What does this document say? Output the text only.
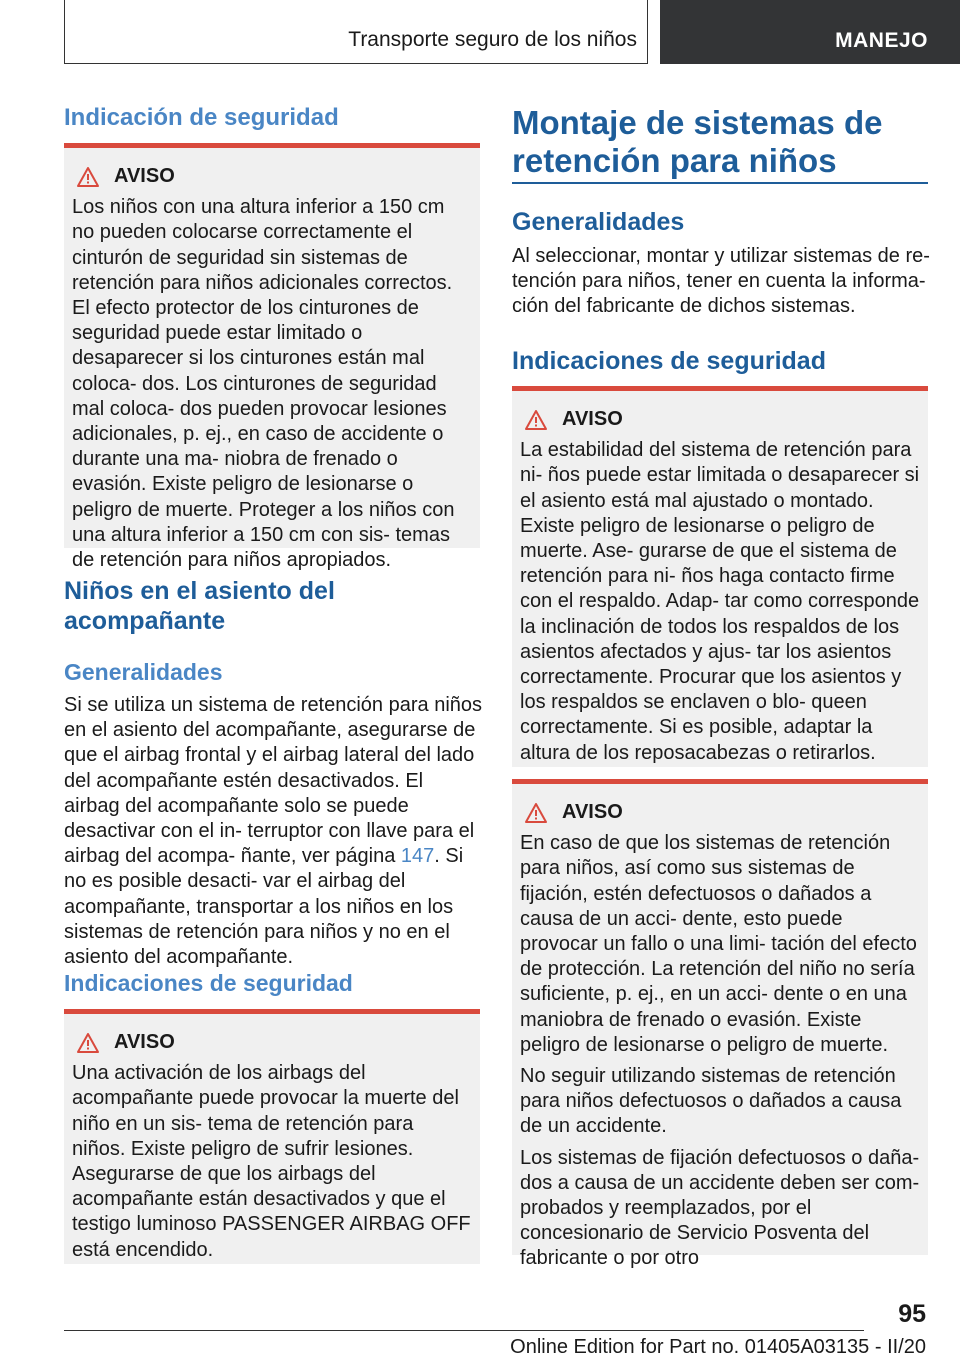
Transporte seguro de los niños	MANEJO
Indicación de seguridad
AVISO

Los niños con una altura inferior a 150 cm no pueden colocarse correctamente el cinturón de seguridad sin sistemas de retención para niños adicionales correctos. El efecto protector de los cinturones de seguridad puede estar limitado o desaparecer si los cinturones están mal coloca‐ dos. Los cinturones de seguridad mal coloca‐ dos pueden provocar lesiones adicionales, p. ej., en caso de accidente o durante una ma‐ niobra de frenado o evasión. Existe peligro de lesionarse o peligro de muerte. Proteger a los niños con una altura inferior a 150 cm con sis‐ temas de retención para niños apropiados.

Niños en el asiento del acompañante
Generalidades

Si se utiliza un sistema de retención para niños en el asiento del acompañante, asegurarse de que el airbag frontal y el airbag lateral del lado del acompañante estén desactivados. El airbag del acompañante solo se puede desactivar con el in‐ terruptor con llave para el airbag del acompa‐ ñante, ver página 147. Si no es posible desacti‐ var el airbag del acompañante, transportar a los niños en los sistemas de retención para niños y no en el asiento del acompañante.

Indicaciones de seguridad
AVISO

Una activación de los airbags del acompañante puede provocar la muerte del niño en un sis‐ tema de retención para niños. Existe peligro de sufrir lesiones. Asegurarse de que los airbags del acompañante están desactivados y que el testigo luminoso PASSENGER AIRBAG OFF está encendido.

Montaje de sistemas de retención para niños
Generalidades

Al seleccionar, montar y utilizar sistemas de re‐ tención para niños, tener en cuenta la informa‐ ción del fabricante de dichos sistemas.

Indicaciones de seguridad
AVISO

La estabilidad del sistema de retención para ni‐ ños puede estar limitada o desaparecer si el asiento está mal ajustado o montado. Existe peligro de lesionarse o peligro de muerte. Ase‐ gurarse de que el sistema de retención para ni‐ ños haga contacto firme con el respaldo. Adap‐ tar como corresponde la inclinación de todos los respaldos de los asientos afectados y ajus‐ tar los asientos correctamente. Procurar que los asientos y los respaldos se enclaven o blo‐ queen correctamente. Si es posible, adaptar la altura de los reposacabezas o retirarlos.

AVISO

En caso de que los sistemas de retención para niños, así como sus sistemas de fijación, estén defectuosos o dañados a causa de un acci‐ dente, esto puede provocar un fallo o una limi‐ tación del efecto de protección. La retención del niño no sería suficiente, p. ej., en un acci‐ dente o en una maniobra de frenado o evasión. Existe peligro de lesionarse o peligro de muerte.

No seguir utilizando sistemas de retención para niños defectuosos o dañados a causa de un accidente.

Los sistemas de fijación defectuosos o daña‐ dos a causa de un accidente deben ser com‐ probados y reemplazados, por el concesionario de Servicio Posventa del fabricante o por otro

95
Online Edition for Part no. 01405A03135 - II/20
